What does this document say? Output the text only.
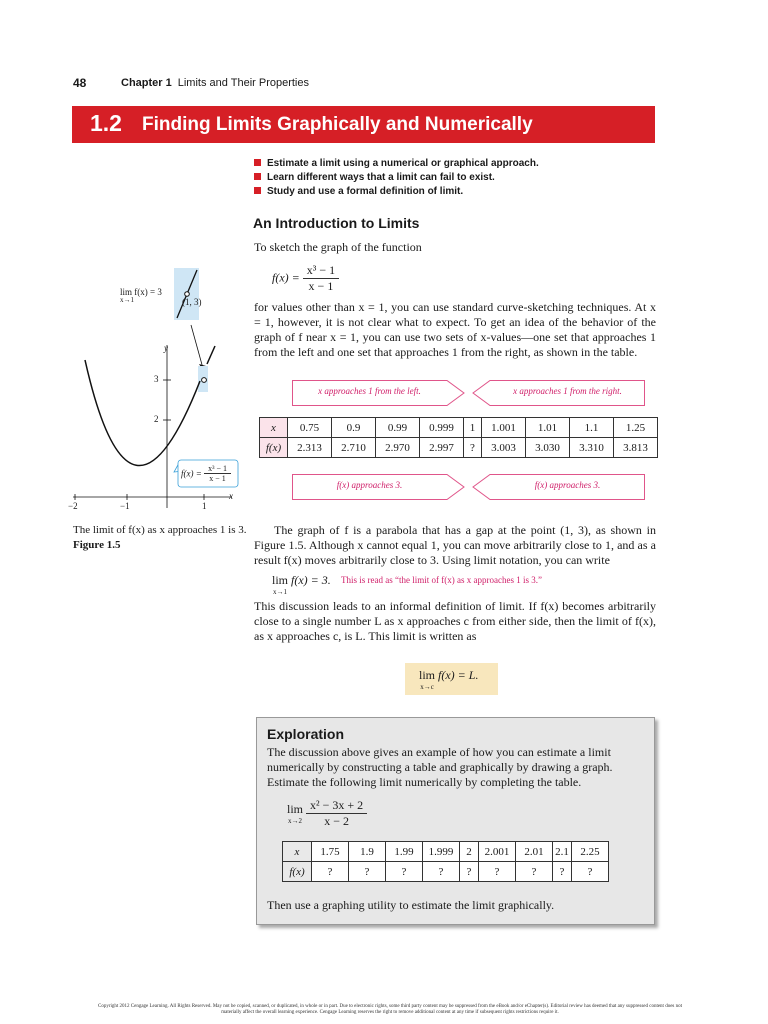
48	Chapter 1 Limits and Their Properties
1.2 Finding Limits Graphically and Numerically
Estimate a limit using a numerical or graphical approach.
Learn different ways that a limit can fail to exist.
Study and use a formal definition of limit.
An Introduction to Limits
To sketch the graph of the function
$f(x) = \frac{\text{x³ − 1}}{x - 1}$
for values other than x = 1, you can use standard curve-sketching techniques. At x = 1, however, it is not clear what to expect. To get an idea of the behavior of the graph of f near x = 1, you can use two sets of x-values—one set that approaches 1 from the left and one set that approaches 1 from the right, as shown in the table.
x approaches 1 from the left.	x approaches 1 from the right.
x	0.75	0.9	0.99	0.999	1	1.001	1.01	1.1	1.25
f(x)	2.313	2.710	2.970	2.997	?	3.003	3.030	3.310	3.813
f(x) approaches 3.	f(x) approaches 3.
The graph of f is a parabola that has a gap at the point (1, 3), as shown in Figure 1.5. Although x cannot equal 1, you can move arbitrarily close to 1, and as a result f(x) moves arbitrarily close to 3. Using limit notation, you can write
lim
x→1
f(x) = 3. This is read as “the limit of f(x) as x approaches 1 is 3.”
This discussion leads to an informal definition of limit. If f(x) becomes arbitrarily close to a single number L as x approaches c from either side, then the limit of f(x), as x approaches c, is L. This limit is written as
lim
x→c
f(x) = L.
Exploration
The discussion above gives an example of how you can estimate a limit numerically by constructing a table and graphically by drawing a graph. Estimate the following limit numerically by completing the table.
lim
x→2
$\frac{\text{x² − 3x + 2}}{x - 2}$
x	1.75	1.9	1.99	1.999	2	2.001	2.01	2.1	2.25
f(x)	?	?	?	?	?	?	?	?	?
Then use a graphing utility to estimate the limit graphically.
lim f(x) = 3
x→1	(1, 3)
y
x
3
2
−2	−1	1
$f(x) = \frac{\text{x³ − 1}}{x - 1}$
The limit of f(x) as x approaches 1 is 3.
Figure 1.5
Copyright 2012 Cengage Learning. All Rights Reserved. May not be copied, scanned, or duplicated, in whole or in part. Due to electronic rights, some third party content may be suppressed from the eBook and/or eChapter(s). Editorial review has deemed that any suppressed content does not materially affect the overall learning experience. Cengage Learning reserves the right to remove additional content at any time if subsequent rights restrictions require it.
